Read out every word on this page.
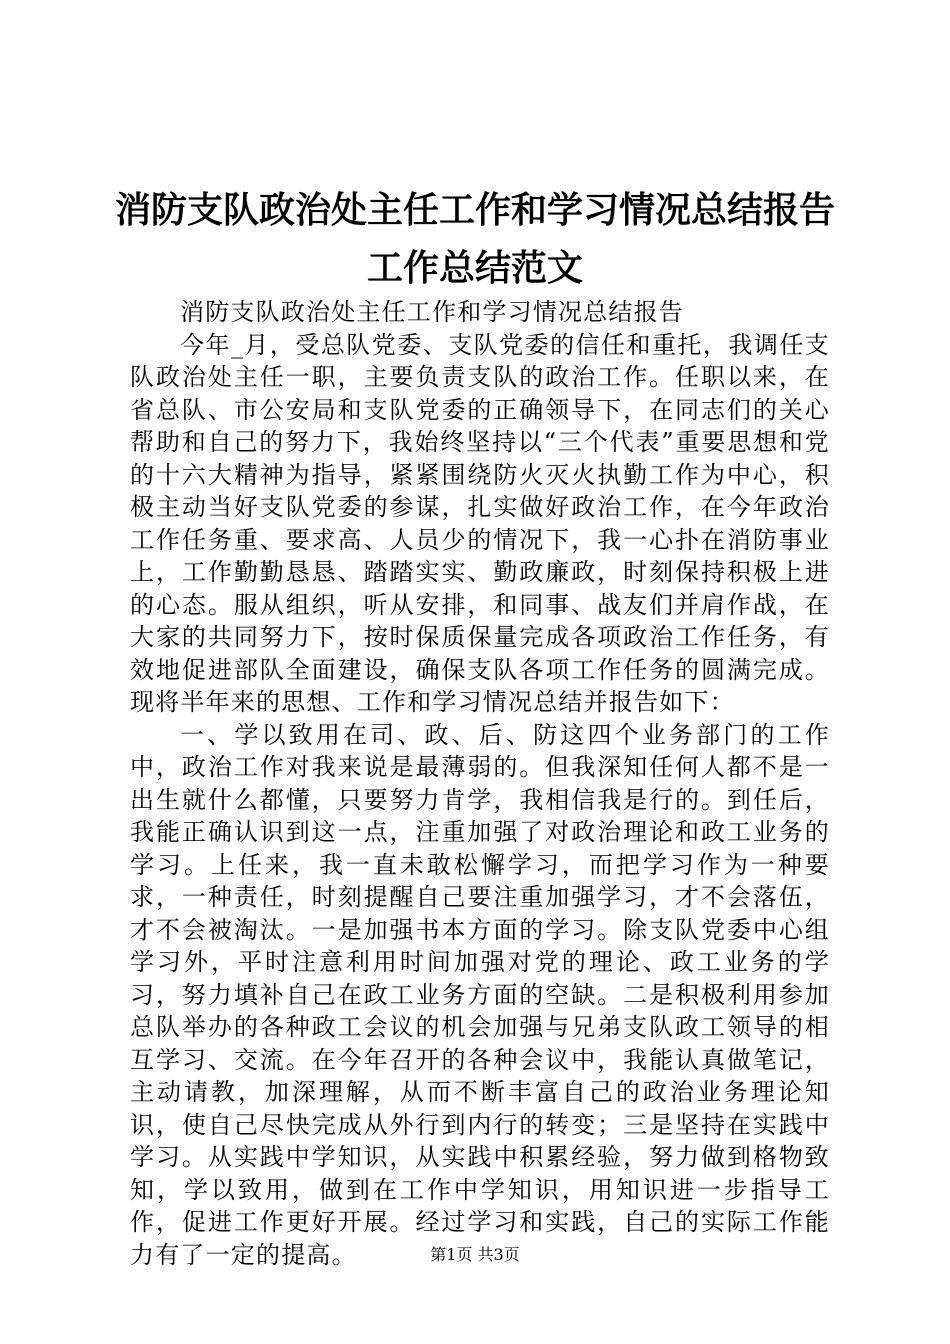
消防支队政治处主任工作和学习情况总结报告
工作总结范文

消防支队政治处主任工作和学习情况总结报告

今年_月，受总队党委、支队党委的信任和重托，我调任支队政治处主任一职，主要负责支队的政治工作。任职以来，在省总队、市公安局和支队党委的正确领导下，在同志们的关心帮助和自己的努力下，我始终坚持以“三个代表”重要思想和党的十六大精神为指导，紧紧围绕防火灭火执勤工作为中心，积极主动当好支队党委的参谋，扎实做好政治工作，在今年政治工作任务重、要求高、人员少的情况下，我一心扑在消防事业上，工作勤勤恳恳、踏踏实实、勤政廉政，时刻保持积极上进的心态。服从组织，听从安排，和同事、战友们并肩作战，在大家的共同努力下，按时保质保量完成各项政治工作任务，有效地促进部队全面建设，确保支队各项工作任务的圆满完成。现将半年来的思想、工作和学习情况总结并报告如下：

一、学以致用在司、政、后、防这四个业务部门的工作中，政治工作对我来说是最薄弱的。但我深知任何人都不是一出生就什么都懂，只要努力肯学，我相信我是行的。到任后，我能正确认识到这一点，注重加强了对政治理论和政工业务的学习。上任来，我一直未敢松懈学习，而把学习作为一种要求，一种责任，时刻提醒自己要注重加强学习，才不会落伍，才不会被淘汰。一是加强书本方面的学习。除支队党委中心组学习外，平时注意利用时间加强对党的理论、政工业务的学习，努力填补自己在政工业务方面的空缺。二是积极利用参加总队举办的各种政工会议的机会加强与兄弟支队政工领导的相互学习、交流。在今年召开的各种会议中，我能认真做笔记，主动请教，加深理解，从而不断丰富自己的政治业务理论知识，使自己尽快完成从外行到内行的转变；三是坚持在实践中学习。从实践中学知识，从实践中积累经验，努力做到格物致知，学以致用，做到在工作中学知识，用知识进一步指导工作，促进工作更好开展。经过学习和实践，自己的实际工作能力有了一定的提高。	第1页 共3页
